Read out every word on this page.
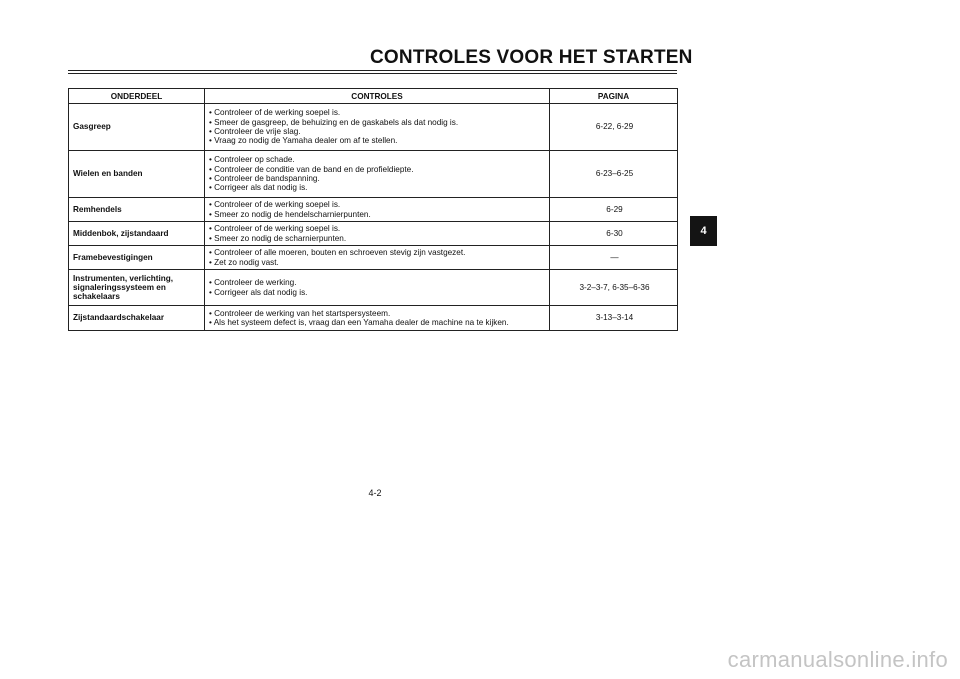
CONTROLES VOOR HET STARTEN
ONDERDEEL	CONTROLES	PAGINA
Gasgreep	• Controleer of de werking soepel is.
• Smeer de gasgreep, de behuizing en de gaskabels als dat nodig is.
• Controleer de vrije slag.
• Vraag zo nodig de Yamaha dealer om af te stellen.	6-22, 6-29
Wielen en banden	• Controleer op schade.
• Controleer de conditie van de band en de profieldiepte.
• Controleer de bandspanning.
• Corrigeer als dat nodig is.	6-23–6-25
Remhendels	• Controleer of de werking soepel is.
• Smeer zo nodig de hendelscharnierpunten.	6-29
Middenbok, zijstandaard	• Controleer of de werking soepel is.
• Smeer zo nodig de scharnierpunten.	6-30
Framebevestigingen	• Controleer of alle moeren, bouten en schroeven stevig zijn vastgezet.
• Zet zo nodig vast.	—
Instrumenten, verlichting, signaleringssysteem en schakelaars	• Controleer de werking.
• Corrigeer als dat nodig is.	3-2–3-7, 6-35–6-36
Zijstandaardschakelaar	• Controleer de werking van het startspersysteem.
• Als het systeem defect is, vraag dan een Yamaha dealer de machine na te kijken.	3-13–3-14
4
4-2
carmanualsonline.info
